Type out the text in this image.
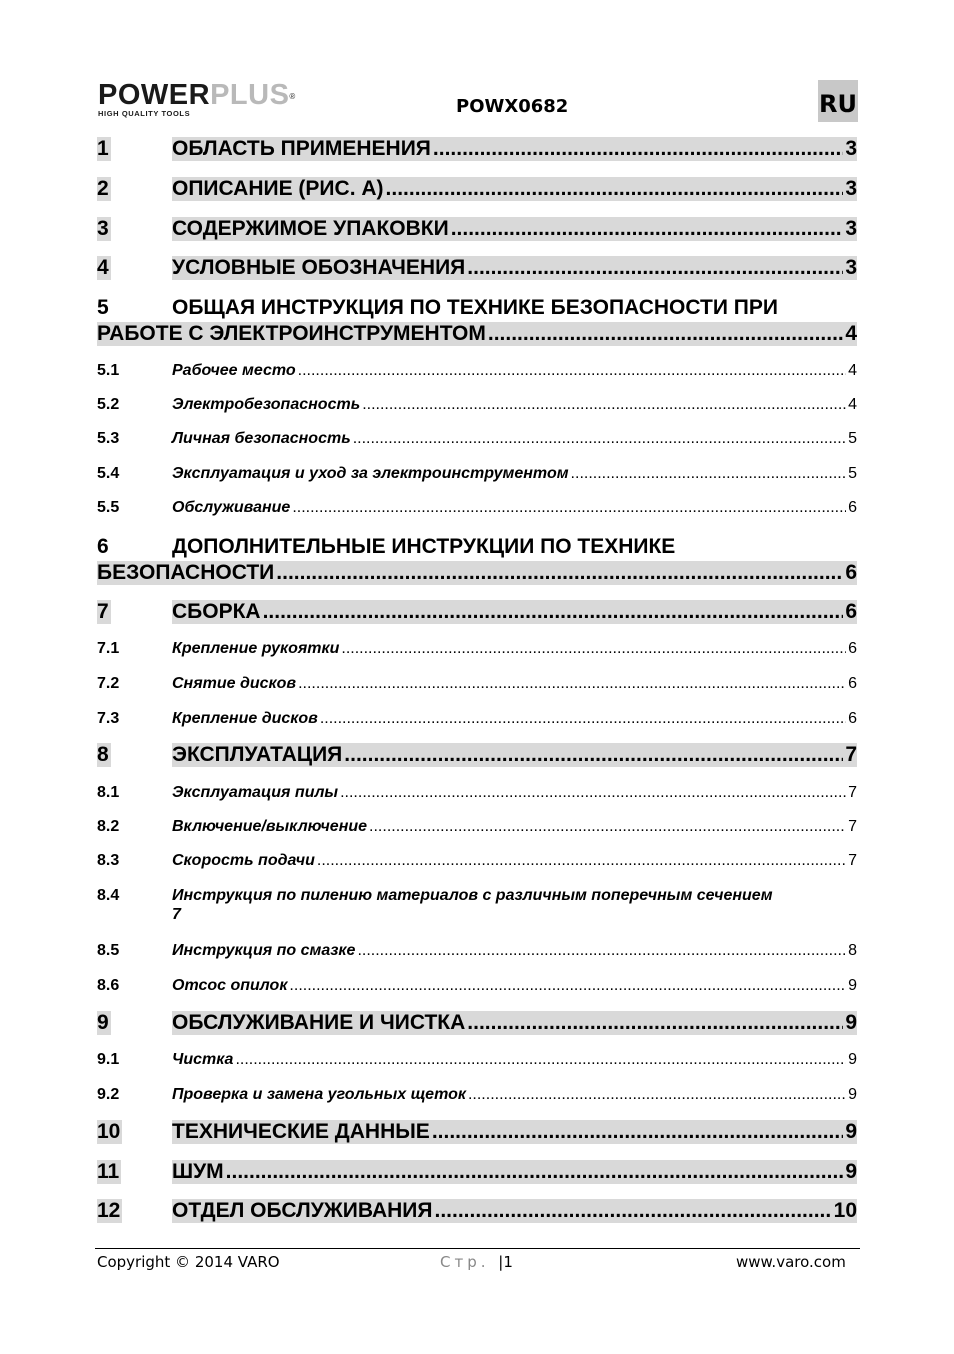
POWERPLUS®
HIGH QUALITY TOOLS	POWX0682	RU
1	ОБЛАСТЬ ПРИМЕНЕНИЯ .....	3
2	ОПИСАНИЕ (РИС. А) .....	3
3	СОДЕРЖИМОЕ УПАКОВКИ .....	3
4	УСЛОВНЫЕ ОБОЗНАЧЕНИЯ .....	3
5	ОБЩАЯ ИНСТРУКЦИЯ ПО ТЕХНИКЕ БЕЗОПАСНОСТИ ПРИ
РАБОТЕ С ЭЛЕКТРОИНСТРУМЕНТОМ .....	4
5.1	Рабочее место .....	4
5.2	Электробезопасность .....	4
5.3	Личная безопасность .....	5
5.4	Эксплуатация и уход за электроинструментом .....	5
5.5	Обслуживание .....	6
6	ДОПОЛНИТЕЛЬНЫЕ ИНСТРУКЦИИ ПО ТЕХНИКЕ
БЕЗОПАСНОСТИ .....	6
7	СБОРКА .....	6
7.1	Крепление рукоятки .....	6
7.2	Снятие дисков .....	6
7.3	Крепление дисков .....	6
8	ЭКСПЛУАТАЦИЯ .....	7
8.1	Эксплуатация пилы .....	7
8.2	Включение/выключение .....	7
8.3	Скорость подачи .....	7
8.4	Инструкция по пилению материалов с различным поперечным сечением
7
8.5	Инструкция по смазке .....	8
8.6	Отсос опилок .....	9
9	ОБСЛУЖИВАНИЕ И ЧИСТКА .....	9
9.1	Чистка .....	9
9.2	Проверка и замена угольных щеток .....	9
10 ТЕХНИЧЕСКИЕ ДАННЫЕ .....	9
11	ШУМ .....	9
12 ОТДЕЛ ОБСЛУЖИВАНИЯ .....	10
Copyright © 2014 VARO	Стр. |1	www.varo.com
